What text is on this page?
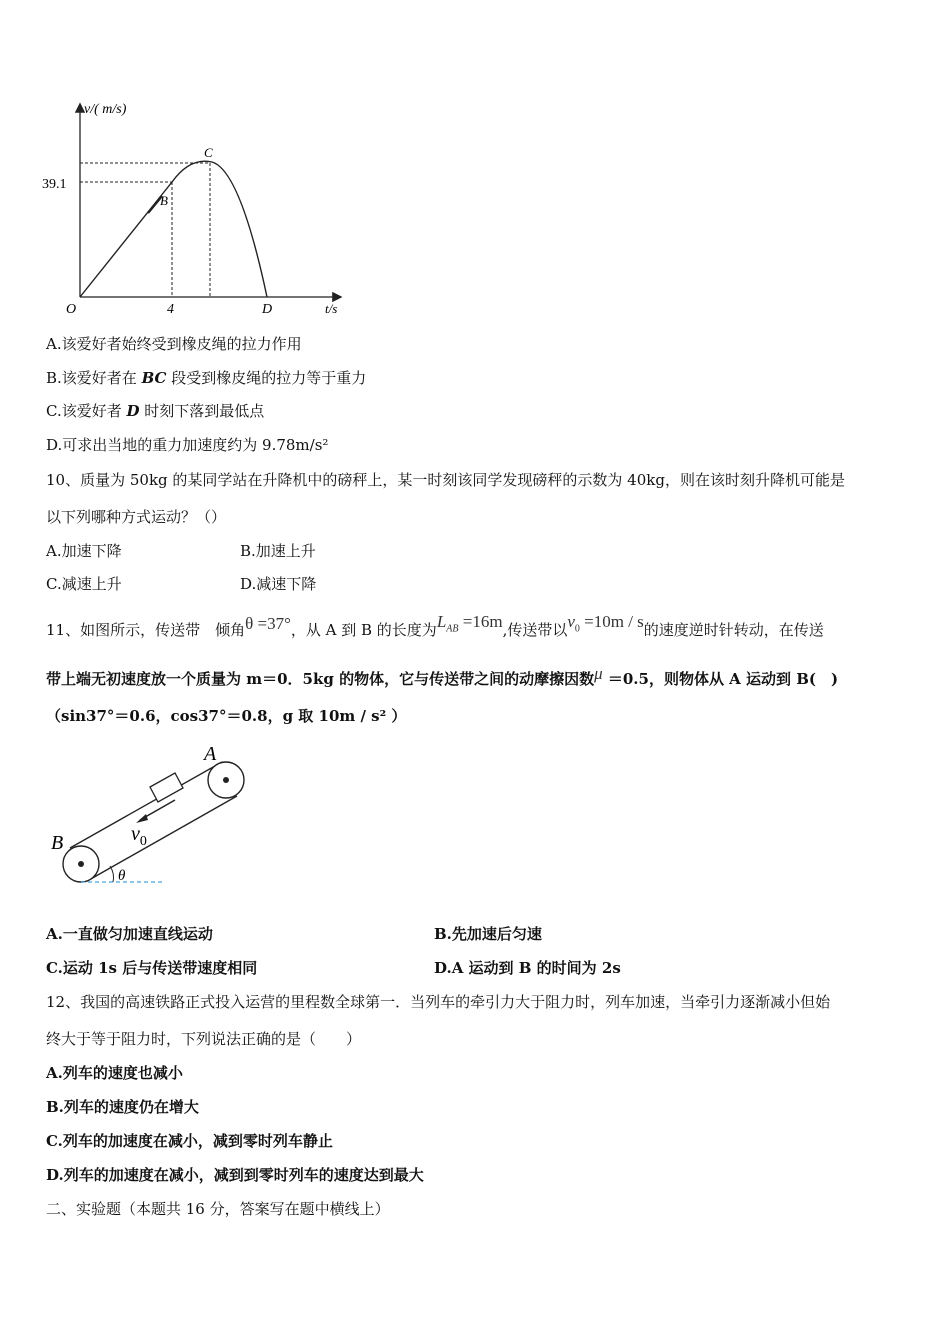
v/( m/s)
39.1
t/s
4
O
B
C
D
A.该爱好者始终受到橡皮绳的拉力作用
B.该爱好者在 BC 段受到橡皮绳的拉力等于重力
C.该爱好者 D 时刻下落到最低点
D.可求出当地的重力加速度约为 9.78m/s²
10、质量为 50kg 的某同学站在升降机中的磅秤上，某一时刻该同学发现磅秤的示数为 40kg，则在该时刻升降机可能是
以下列哪种方式运动？（）
A.加速下降	B.加速上升
C.减速上升	D.减速下降
11、如图所示，传送带　倾角θ =37°，从 A 到 B 的长度为$L_{AB} =16m$,传送带以$v_0 =10m / s$的速度逆时针转动，在传送
带上端无初速度放一个质量为 m＝0．5kg 的物体，它与传送带之间的动摩擦因数μ ＝0.5，则物体从 A 运动到 B(　)
（sin37°＝0.6，cos37°＝0.8，g 取 10m / s² ）
A
B	$v_0$
θ
A.一直做匀加速直线运动	B.先加速后匀速
C.运动 1s 后与传送带速度相同	D.A 运动到 B 的时间为 2s
12、我国的高速铁路正式投入运营的里程数全球第一．当列车的牵引力大于阻力时，列车加速，当牵引力逐渐减小但始
终大于等于阻力时，下列说法正确的是（　　）
A.列车的速度也减小
B.列车的速度仍在增大
C.列车的加速度在减小，减到零时列车静止
D.列车的加速度在减小，减到到零时列车的速度达到最大
二、实验题（本题共 16 分，答案写在题中横线上）
